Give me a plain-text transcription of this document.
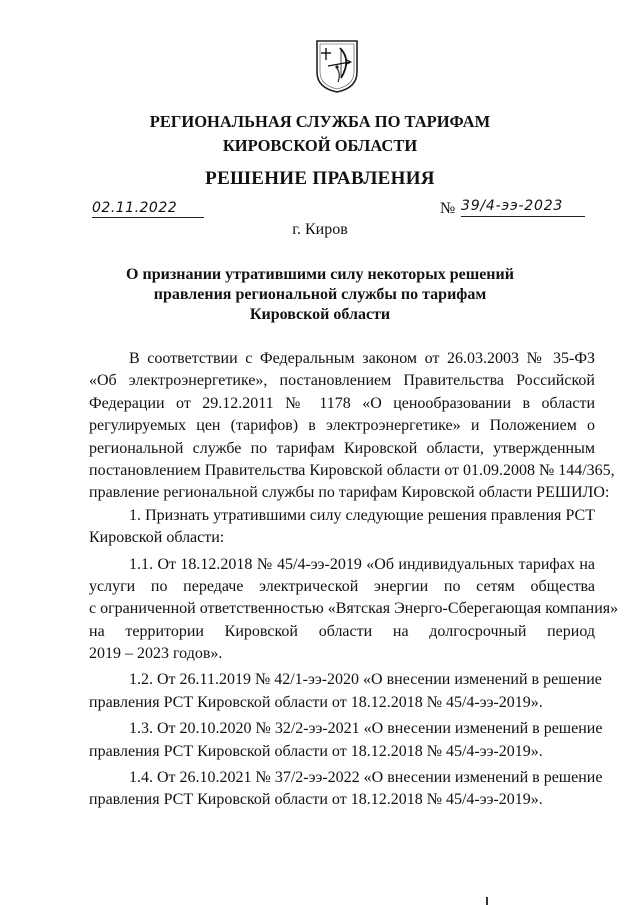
РЕГИОНАЛЬНАЯ СЛУЖБА ПО ТАРИФАМ
КИРОВСКОЙ ОБЛАСТИ
РЕШЕНИЕ ПРАВЛЕНИЯ
02.11.2022	№ 39/4-ээ-2023
г. Киров
О признании утратившими силу некоторых решений
правления региональной службы по тарифам
Кировской области
В соответствии с Федеральным законом от 26.03.2003 № 35-ФЗ
«Об электроэнергетике», постановлением Правительства Российской
Федерации от 29.12.2011 № 1178 «О ценообразовании в области
регулируемых цен (тарифов) в электроэнергетике» и Положением о
региональной службе по тарифам Кировской области, утвержденным
постановлением Правительства Кировской области от 01.09.2008 № 144/365,
правление региональной службы по тарифам Кировской области РЕШИЛО:
1. Признать утратившими силу следующие решения правления РСТ
Кировской области:
1.1. От 18.12.2018 № 45/4-ээ-2019 «Об индивидуальных тарифах на
услуги по передаче электрической энергии по сетям общества
с ограниченной ответственностью «Вятская Энерго-Сберегающая компания»
на территории Кировской области на долгосрочный период
2019 – 2023 годов».
1.2. От 26.11.2019 № 42/1-ээ-2020 «О внесении изменений в решение
правления РСТ Кировской области от 18.12.2018 № 45/4-ээ-2019».
1.3. От 20.10.2020 № 32/2-ээ-2021 «О внесении изменений в решение
правления РСТ Кировской области от 18.12.2018 № 45/4-ээ-2019».
1.4. От 26.10.2021 № 37/2-ээ-2022 «О внесении изменений в решение
правления РСТ Кировской области от 18.12.2018 № 45/4-ээ-2019».
